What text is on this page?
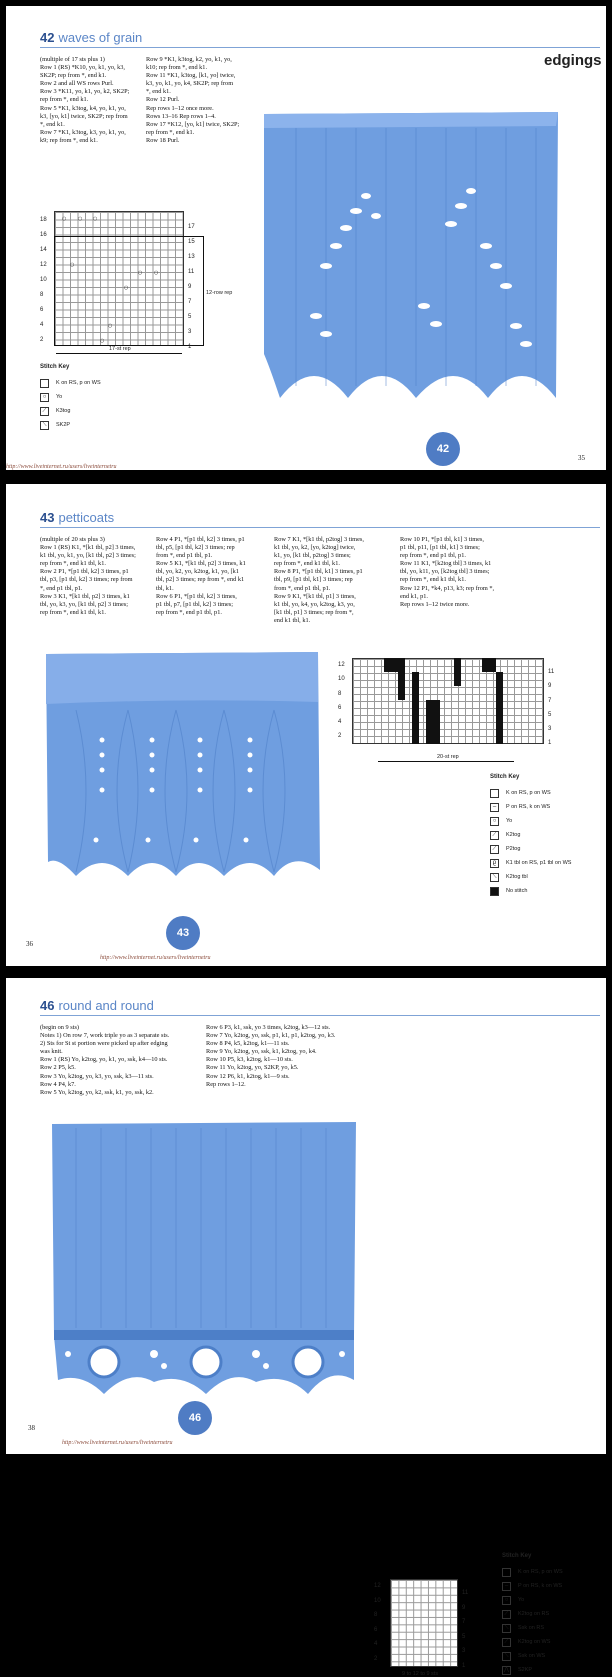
42 waves of grain
edgings
(multiple of 17 sts plus 1)
Row 1 (RS) *K10, yo, k1, yo, k3,
SK2P; rep from *, end k1.
Row 2 and all WS rows Purl.
Row 3 *K11, yo, k1, yo, k2, SK2P;
rep from *, end k1.
Row 5 *K1, k3tog, k4, yo, k1, yo,
k3, [yo, k1] twice, SK2P; rep from
*, end k1.
Row 7 *K1, k3tog, k3, yo, k1, yo,
k9; rep from *, end k1.
Row 9 *K1, k3tog, k2, yo, k1, yo,
k10; rep from *, end k1.
Row 11 *K1, k3tog, [k1, yo] twice,
k3, yo, k1, yo, k4, SK2P; rep from
*, end k1.
Row 12 Purl.
Rep rows 1–12 once more.
Rows 13–16 Rep rows 1–4.
Row 17 *K12, [yo, k1] twice, SK2P;
rep from *, end k1.
Row 18 Purl.
18
16
14
12
10
8
6
4
2
17
15
13
11
9
7
5
3
1
12-row rep
17-st rep
○ ○ ○
○
○ ○
○
○
○
Stitch Key
K on RS, p on WS
○	Yo
⟋	K3tog
⟍	SK2P
42
35
http://www.liveinternet.ru/users/liveinternetru
43 petticoats
(multiple of 20 sts plus 3)
Row 1 (RS) K1, *[k1 tbl, p2] 3 times,
k1 tbl, yo, k1, yo, [k1 tbl, p2] 3 times;
rep from *, end k1 tbl, k1.
Row 2 P1, *[p1 tbl, k2] 3 times, p1
tbl, p3, [p1 tbl, k2] 3 times; rep from
*, end p1 tbl, p1.
Row 3 K1, *[k1 tbl, p2] 3 times, k1
tbl, yo, k3, yo, [k1 tbl, p2] 3 times;
rep from *, end k1 tbl, k1.
Row 4 P1, *[p1 tbl, k2] 3 times, p1
tbl, p5, [p1 tbl, k2] 3 times; rep
from *, end p1 tbl, p1.
Row 5 K1, *[k1 tbl, p2] 3 times, k1
tbl, yo, k2, yo, k2tog, k1, yo, [k1
tbl, p2] 3 times; rep from *, end k1
tbl, k1.
Row 6 P1, *[p1 tbl, k2] 3 times,
p1 tbl, p7, [p1 tbl, k2] 3 times;
rep from *, end p1 tbl, p1.
Row 7 K1, *[k1 tbl, p2tog] 3 times,
k1 tbl, yo, k2, [yo, k2tog] twice,
k1, yo, [k1 tbl, p2tog] 3 times;
rep from *, end k1 tbl, k1.
Row 8 P1, *[p1 tbl, k1] 3 times, p1
tbl, p9, [p1 tbl, k1] 3 times; rep
from *, end p1 tbl, p1.
Row 9 K1, *[k1 tbl, p1] 3 times,
k1 tbl, yo, k4, yo, k2tog, k3, yo,
[k1 tbl, p1] 3 times; rep from *,
end k1 tbl, k1.
Row 10 P1, *[p1 tbl, k1] 3 times,
p1 tbl, p11, [p1 tbl, k1] 3 times;
rep from *, end p1 tbl, p1.
Row 11 K1, *[k2tog tbl] 3 times, k1
tbl, yo, k11, yo, [k2tog tbl] 3 times;
rep from *, end k1 tbl, k1.
Row 12 P1, *k4, p13, k3; rep from *,
end k1, p1.
Rep rows 1–12 twice more.
12
10
8
6
4
2
11
9
7
5
3
1
20-st rep
Stitch Key
K on RS, p on WS
–	P on RS, k on WS
○	Yo
⟋	K2tog
⟋	P2tog
ϱ	K1 tbl on RS, p1 tbl on WS
⟍	K2tog tbl
No stitch
43
36
http://www.liveinternet.ru/users/liveinternetru
46 round and round
(begin on 9 sts)
Notes 1) On row 7, work triple yo as 3 separate sts.
2) Sts for St st portion were picked up after edging
was knit.
Row 1 (RS) Yo, k2tog, yo, k1, yo, ssk, k4—10 sts.
Row 2 P5, k5.
Row 3 Yo, k2tog, yo, k3, yo, ssk, k3—11 sts.
Row 4 P4, k7.
Row 5 Yo, k2tog, yo, k2, ssk, k1, yo, ssk, k2.
Row 6 P3, k1, ssk, yo 3 times, k2tog, k3—12 sts.
Row 7 Yo, k2tog, yo, ssk, p1, k1, p1, k2tog, yo, k3.
Row 8 P4, k5, k2tog, k1—11 sts.
Row 9 Yo, k2tog, yo, ssk, k1, k2tog, yo, k4.
Row 10 P5, k3, k2tog, k1—10 sts.
Row 11 Yo, k2tog, yo, S2KP, yo, k5.
Row 12 P6, k1, k2tog, k1—9 sts.
Rep rows 1–12.
12
10
8
6
4
2
11
9
7
5
3
1
9 to 12 to 9 sts
Stitch Key
K on RS, p on WS
–	P on RS, k on WS
○	Yo
⟋	K2tog on RS
⟍	Ssk on RS
⟋	K2tog on WS
⟍	Ssk on WS
⋀	S2KP
46
38
http://www.liveinternet.ru/users/liveinternetru
